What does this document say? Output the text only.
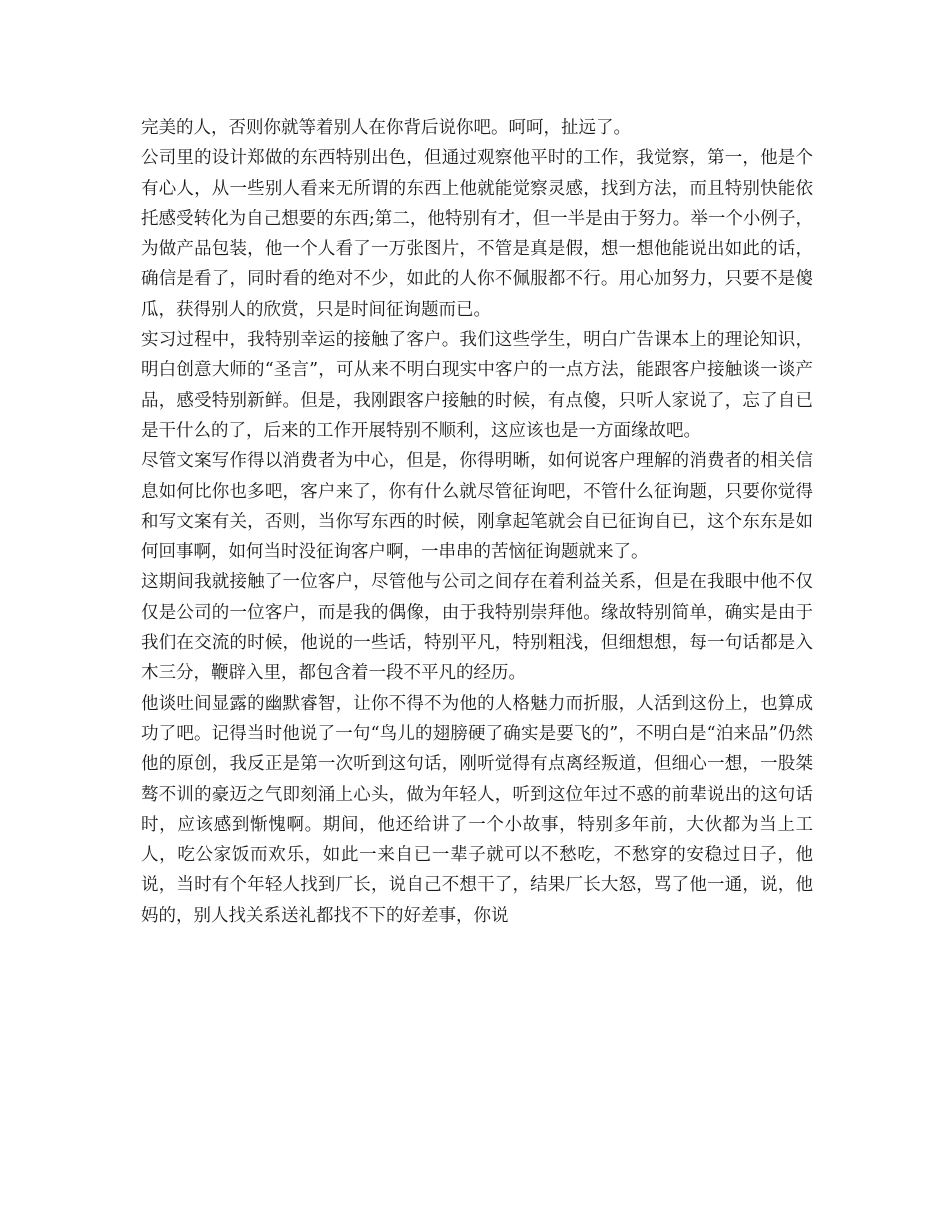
完美的人，否则你就等着别人在你背后说你吧。呵呵，扯远了。

公司里的设计郑做的东西特别出色，但通过观察他平时的工作，我觉察，第一，他是个有心人，从一些别人看来无所谓的东西上他就能觉察灵感，找到方法，而且特别快能依托感受转化为自己想要的东西;第二，他特别有才，但一半是由于努力。举一个小例子，为做产品包装，他一个人看了一万张图片，不管是真是假，想一想他能说出如此的话，确信是看了，同时看的绝对不少，如此的人你不佩服都不行。用心加努力，只要不是傻瓜，获得别人的欣赏，只是时间征询题而已。

实习过程中，我特别幸运的接触了客户。我们这些学生，明白广告课本上的理论知识，明白创意大师的“圣言”，可从来不明白现实中客户的一点方法，能跟客户接触谈一谈产品，感受特别新鲜。但是，我刚跟客户接触的时候，有点傻，只听人家说了，忘了自已是干什么的了，后来的工作开展特别不顺利，这应该也是一方面缘故吧。

尽管文案写作得以消费者为中心，但是，你得明晰，如何说客户理解的消费者的相关信息如何比你也多吧，客户来了，你有什么就尽管征询吧，不管什么征询题，只要你觉得和写文案有关，否则，当你写东西的时候，刚拿起笔就会自已征询自已，这个东东是如何回事啊，如何当时没征询客户啊，一串串的苦恼征询题就来了。

这期间我就接触了一位客户，尽管他与公司之间存在着利益关系，但是在我眼中他不仅仅是公司的一位客户，而是我的偶像，由于我特别崇拜他。缘故特别简单，确实是由于我们在交流的时候，他说的一些话，特别平凡，特别粗浅，但细想想，每一句话都是入木三分，鞭辟入里，都包含着一段不平凡的经历。

他谈吐间显露的幽默睿智，让你不得不为他的人格魅力而折服，人活到这份上，也算成功了吧。记得当时他说了一句“鸟儿的翅膀硬了确实是要飞的”，不明白是“泊来品”仍然他的原创，我反正是第一次听到这句话，刚听觉得有点离经叛道，但细心一想，一股桀骜不训的豪迈之气即刻涌上心头，做为年轻人，听到这位年过不惑的前辈说出的这句话时，应该感到惭愧啊。期间，他还给讲了一个小故事，特别多年前，大伙都为当上工人，吃公家饭而欢乐，如此一来自已一辈子就可以不愁吃，不愁穿的安稳过日子，他说，当时有个年轻人找到厂长，说自己不想干了，结果厂长大怒，骂了他一通，说，他妈的，别人找关系送礼都找不下的好差事，你说
